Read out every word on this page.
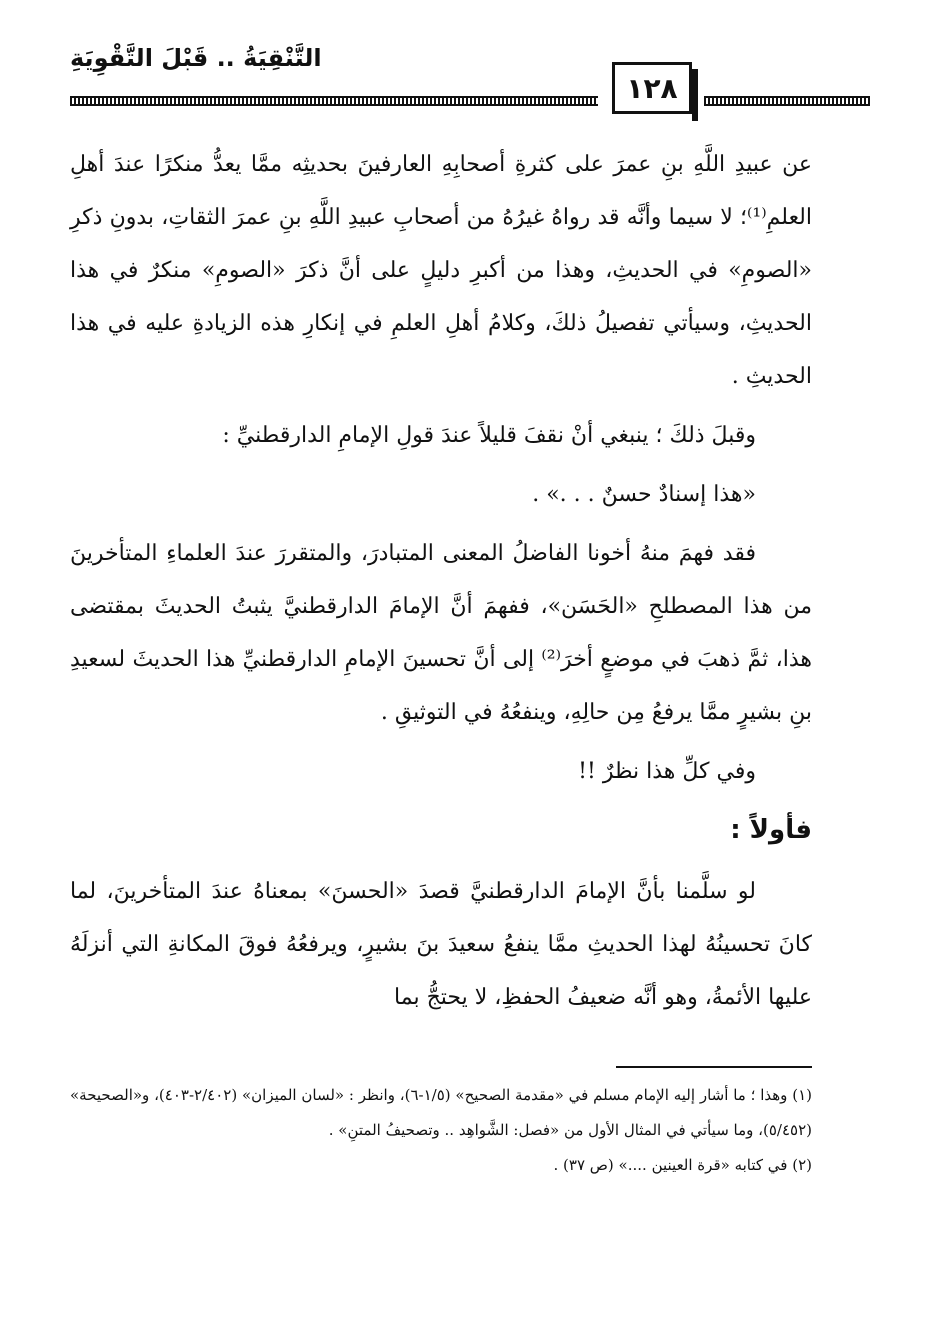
التَّنْقِيَةُ .. قَبْلَ التَّقْوِيَةِ
١٢٨

عن عبيدِ اللَّهِ بنِ عمرَ على كثرةِ أصحابِهِ العارفينَ بحديثِه ممَّا يعدُّ منكرًا عندَ أهلِ العلمِ⁽¹⁾؛ لا سيما وأنَّه قد رواهُ غيرُهُ من أصحابِ عبيدِ اللَّهِ بنِ عمرَ الثقاتِ، بدونِ ذكرِ «الصومِ» في الحديثِ، وهذا من أكبرِ دليلٍ على أنَّ ذكرَ «الصومِ» منكرٌ في هذا الحديثِ، وسيأتي تفصيلُ ذلكَ، وكلامُ أهلِ العلمِ في إنكارِ هذه الزيادةِ عليه في هذا الحديثِ .

وقبلَ ذلكَ ؛ ينبغي أنْ نقفَ قليلاً عندَ قولِ الإمامِ الدارقطنيِّ :

«هذا إسنادٌ حسنٌ . . .» .

فقد فهمَ منهُ أخونا الفاضلُ المعنى المتبادرَ، والمتقررَ عندَ العلماءِ المتأخرينَ من هذا المصطلحِ «الحَسَن»، ففهمَ أنَّ الإمامَ الدارقطنيَّ يثبتُ الحديثَ بمقتضى هذا، ثمَّ ذهبَ في موضعٍ أخرَ⁽²⁾ إلى أنَّ تحسينَ الإمامِ الدارقطنيِّ هذا الحديثَ لسعيدِ بنِ بشيرٍ ممَّا يرفعُ مِن حالِهِ، وينفعُهُ في التوثيقِ .

وفي كلِّ هذا نظرٌ !!

فأولاً :

لو سلَّمنا بأنَّ الإمامَ الدارقطنيَّ قصدَ «الحسنَ» بمعناهُ عندَ المتأخرينَ، لما كانَ تحسينُهُ لهذا الحديثِ ممَّا ينفعُ سعيدَ بنَ بشيرٍ، ويرفعُهُ فوقَ المكانةِ التي أنزلَهُ عليها الأئمةُ، وهو أنَّه ضعيفُ الحفظِ، لا يحتجُّ بما

(١) وهذا ؛ ما أشار إليه الإمام مسلم في «مقدمة الصحيح» (١/٥-٦)، وانظر : «لسان الميزان» (٢/٤٠٢-٤٠٣)، و«الصحيحة» (٥/٤٥٢)، وما سيأتي في المثال الأول من «فصل: الشَّواهِد .. وتصحيفُ المتنِ» .

(٢) في كتابه «قرة العينين ....» (ص ٣٧) .
